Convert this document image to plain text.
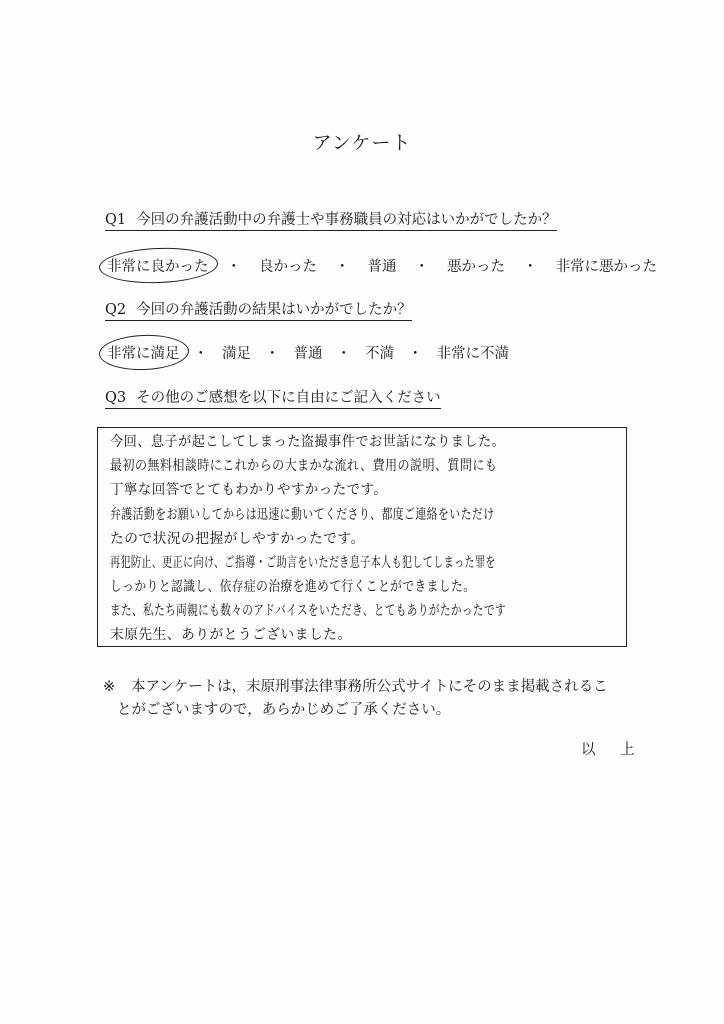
アンケート
Q1 今回の弁護活動中の弁護士や事務職員の対応はいかがでしたか？
非常に良かった ・ 良かった ・ 普通 ・ 悪かった ・ 非常に悪かった
Q2 今回の弁護活動の結果はいかがでしたか？
非常に満足 ・ 満足 ・ 普通 ・ 不満 ・ 非常に不満
Q3 その他のご感想を以下に自由にご記入ください
今回、息子が起こしてしまった盗撮事件でお世話になりました。
最初の無料相談時にこれからの大まかな流れ、費用の説明、質問にも
丁寧な回答でとてもわかりやすかったです。
弁護活動をお願いしてからは迅速に動いてくださり、都度ご連絡をいただけ
たので状況の把握がしやすかったです。
再犯防止、更正に向け、ご指導・ご助言をいただき息子本人も犯してしまった罪を
しっかりと認識し、依存症の治療を進めて行くことができました。
また、私たち両親にも数々のアドバイスをいただき、とてもありがたかったです
末原先生、ありがとうございました。
※	本アンケートは，末原刑事法律事務所公式サイトにそのまま掲載されるこ
とがございますので，あらかじめご了承ください。
以 上
